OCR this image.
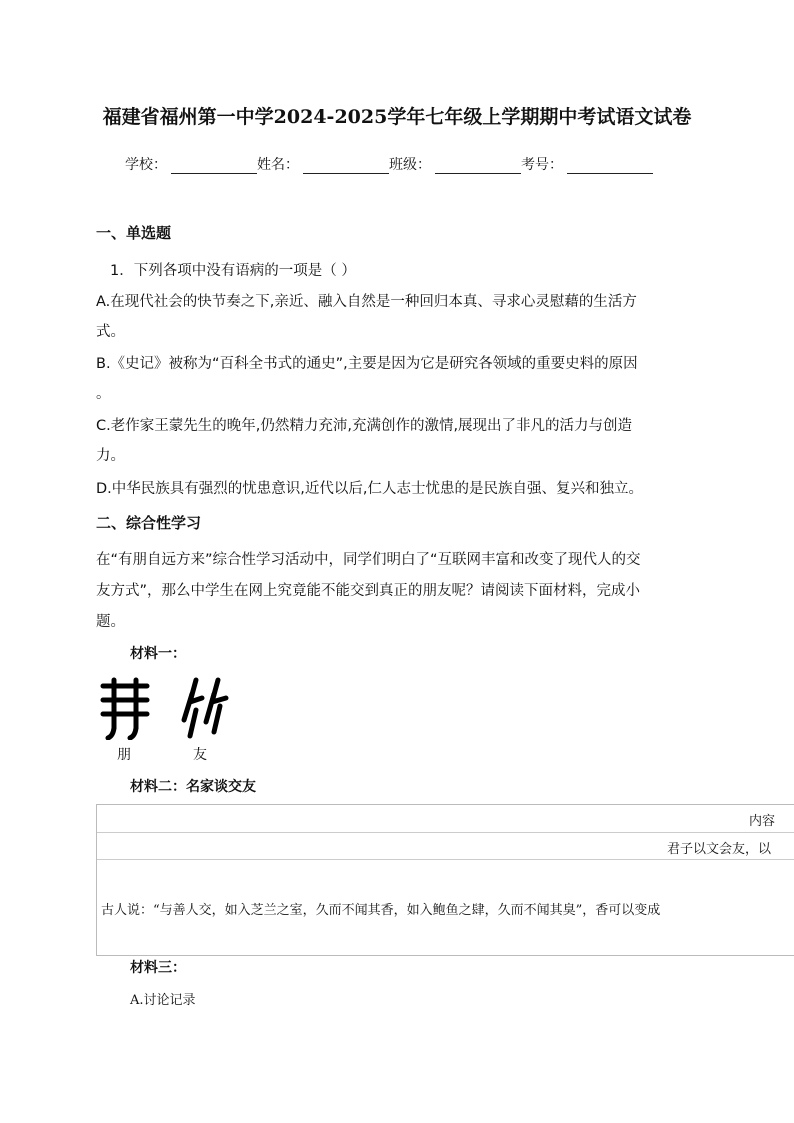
福建省福州第一中学2024-2025学年七年级上学期期中考试语文试卷
学校：	姓名：	班级：	考号：
一、单选题
1．下列各项中没有语病的一项是（ ）
A.在现代社会的快节奏之下,亲近、融入自然是一种回归本真、寻求心灵慰藉的生活方
式。
B.《史记》被称为“百科全书式的通史”,主要是因为它是研究各领域的重要史料的原因
。
C.老作家王蒙先生的晚年,仍然精力充沛,充满创作的激情,展现出了非凡的活力与创造
力。
D.中华民族具有强烈的忧患意识,近代以后,仁人志士忧患的是民族自强、复兴和独立。
二、综合性学习
在“有朋自远方来”综合性学习活动中，同学们明白了“互联网丰富和改变了现代人的交
友方式”，那么中学生在网上究竟能不能交到真正的朋友呢？请阅读下面材料，完成小
题。
材料一：
朋	友
材料二：名家谈交友
内容
君子以文会友，以
古人说：“与善人交，如入芝兰之室，久而不闻其香，如入鲍鱼之肆，久而不闻其臭”，香可以变成
材料三：
A.讨论记录
